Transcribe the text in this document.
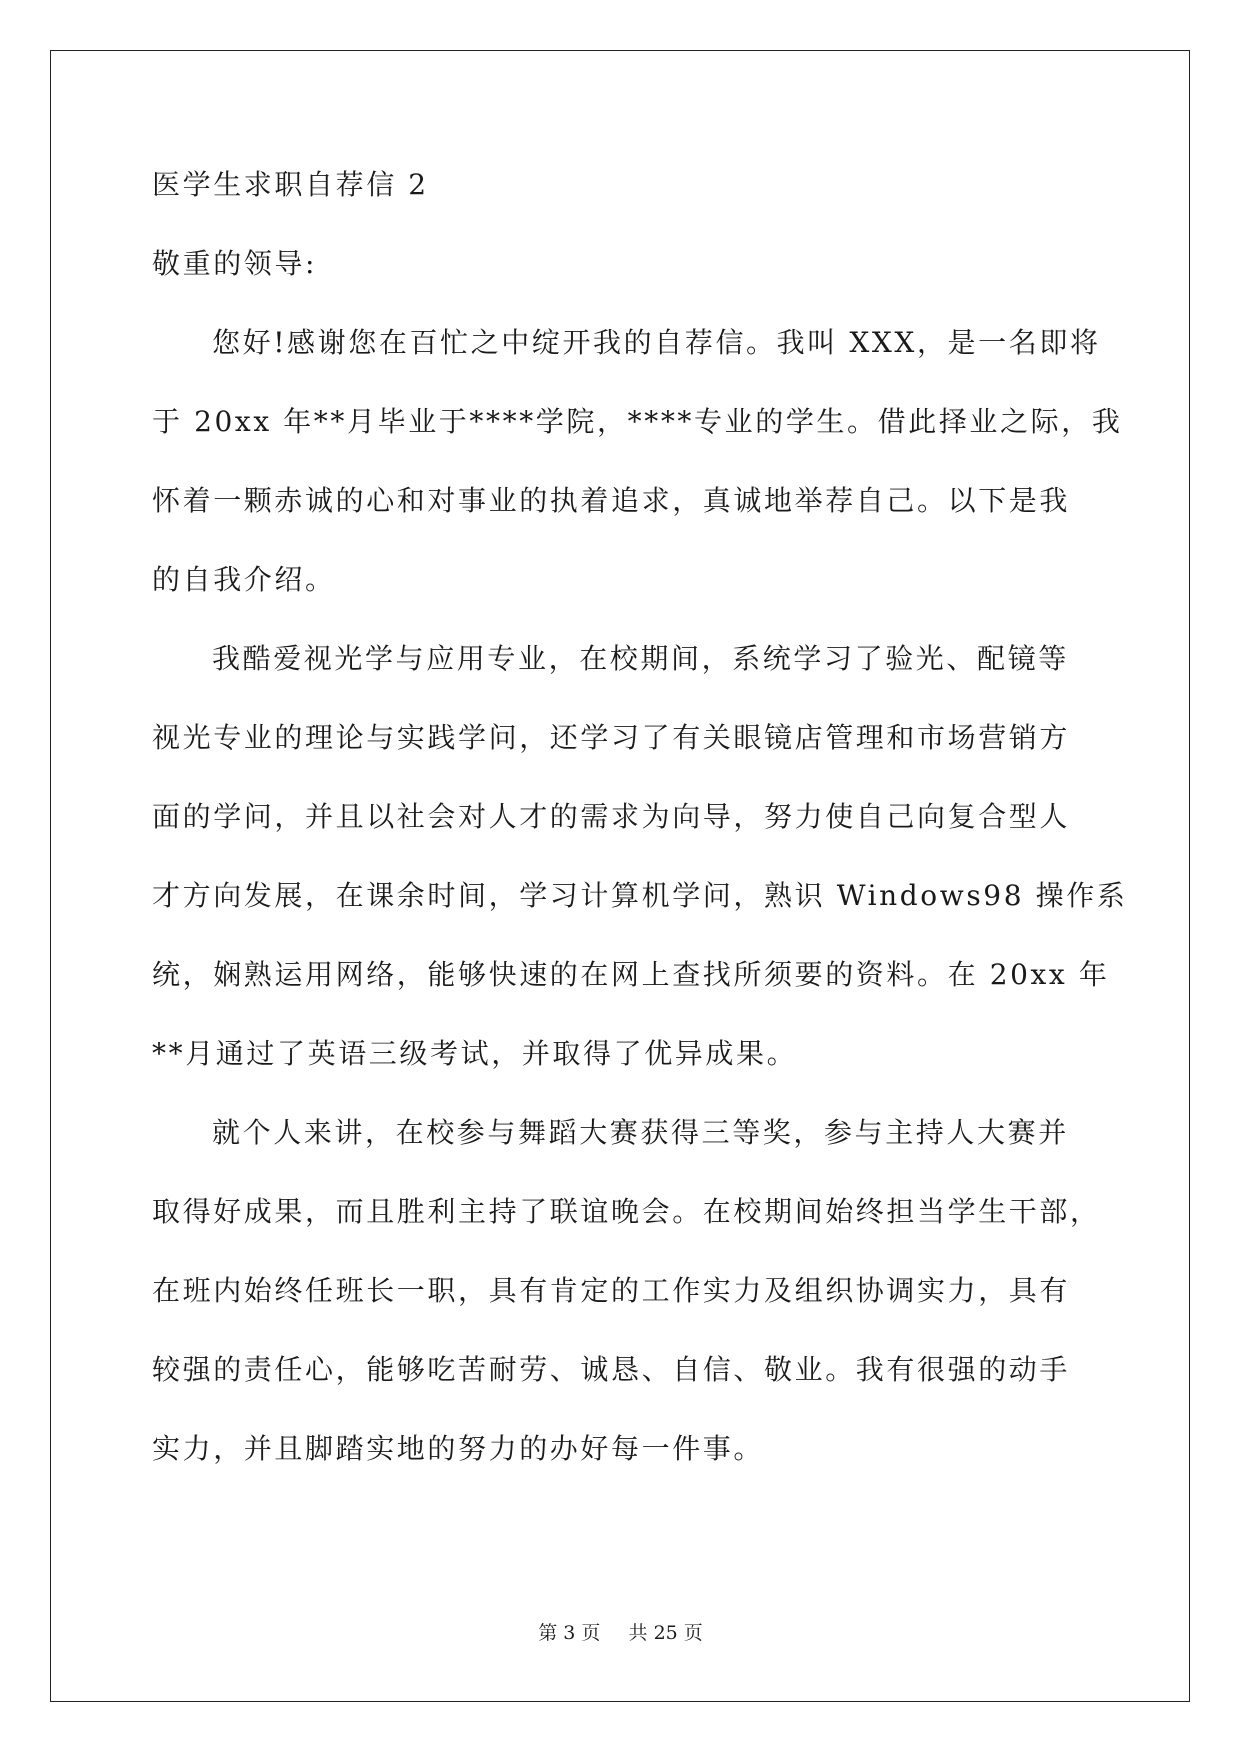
医学生求职自荐信 2
敬重的领导:
您好!感谢您在百忙之中绽开我的自荐信。我叫 XXX，是一名即将
于 20xx 年**月毕业于****学院，****专业的学生。借此择业之际，我
怀着一颗赤诚的心和对事业的执着追求，真诚地举荐自己。以下是我
的自我介绍。
我酷爱视光学与应用专业，在校期间，系统学习了验光、配镜等
视光专业的理论与实践学问，还学习了有关眼镜店管理和市场营销方
面的学问，并且以社会对人才的需求为向导，努力使自己向复合型人
才方向发展，在课余时间，学习计算机学问，熟识 Windows98 操作系
统，娴熟运用网络，能够快速的在网上查找所须要的资料。在 20xx 年
**月通过了英语三级考试，并取得了优异成果。
就个人来讲，在校参与舞蹈大赛获得三等奖，参与主持人大赛并
取得好成果，而且胜利主持了联谊晚会。在校期间始终担当学生干部，
在班内始终任班长一职，具有肯定的工作实力及组织协调实力，具有
较强的责任心，能够吃苦耐劳、诚恳、自信、敬业。我有很强的动手
实力，并且脚踏实地的努力的办好每一件事。
第 3 页 共 25 页
